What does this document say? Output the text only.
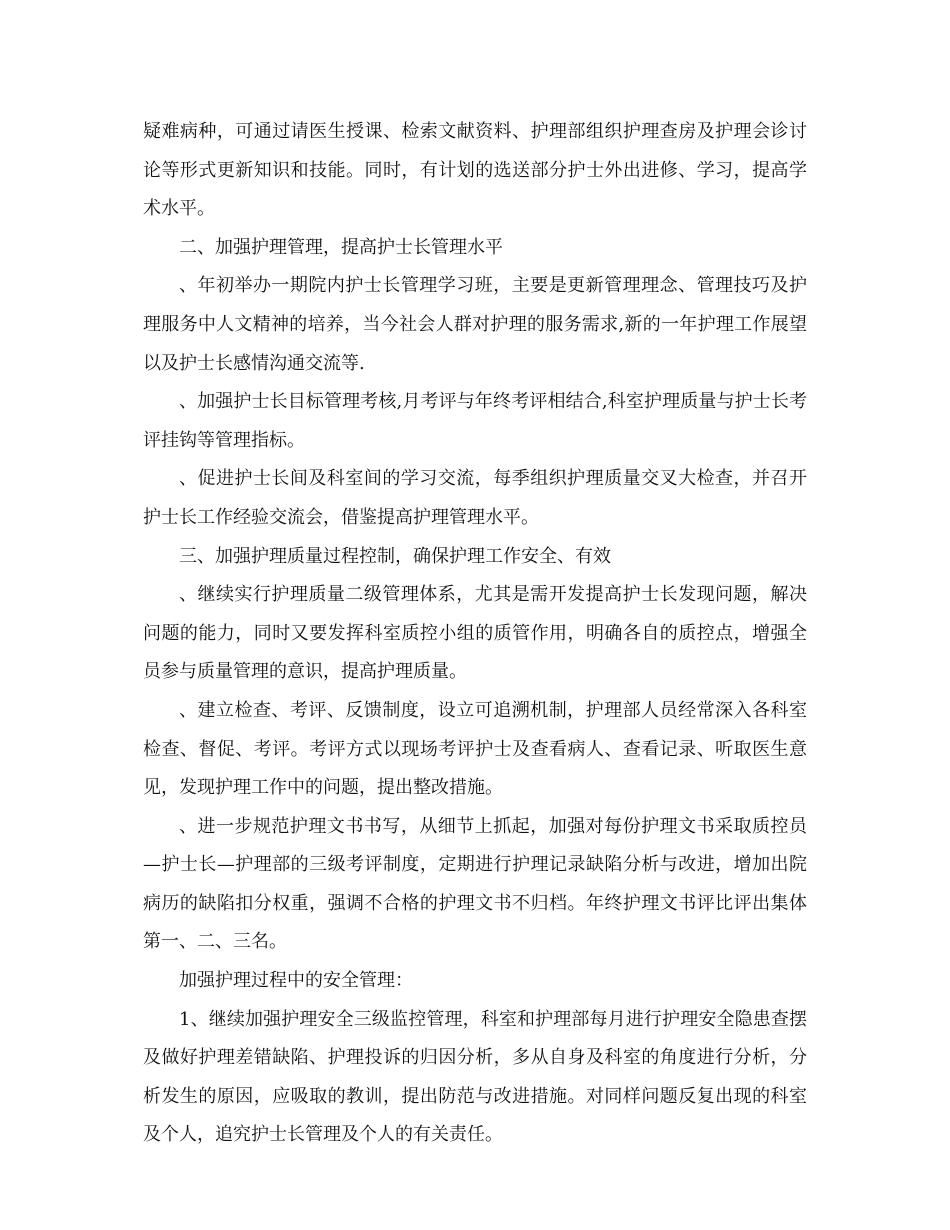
疑难病种，可通过请医生授课、检索文献资料、护理部组织护理查房及护理会诊讨论等形式更新知识和技能。同时，有计划的选送部分护士外出进修、学习，提高学术水平。

二、加强护理管理，提高护士长管理水平

、年初举办一期院内护士长管理学习班，主要是更新管理理念、管理技巧及护理服务中人文精神的培养，当今社会人群对护理的服务需求,新的一年护理工作展望以及护士长感情沟通交流等.

、加强护士长目标管理考核,月考评与年终考评相结合,科室护理质量与护士长考评挂钩等管理指标。

、促进护士长间及科室间的学习交流，每季组织护理质量交叉大检查，并召开护士长工作经验交流会，借鉴提高护理管理水平。

三、加强护理质量过程控制，确保护理工作安全、有效

、继续实行护理质量二级管理体系，尤其是需开发提高护士长发现问题，解决问题的能力，同时又要发挥科室质控小组的质管作用，明确各自的质控点，增强全员参与质量管理的意识，提高护理质量。

、建立检查、考评、反馈制度，设立可追溯机制，护理部人员经常深入各科室检查、督促、考评。考评方式以现场考评护士及查看病人、查看记录、听取医生意见，发现护理工作中的问题，提出整改措施。

、进一步规范护理文书书写，从细节上抓起，加强对每份护理文书采取质控员—护士长—护理部的三级考评制度，定期进行护理记录缺陷分析与改进，增加出院病历的缺陷扣分权重，强调不合格的护理文书不归档。年终护理文书评比评出集体第一、二、三名。

加强护理过程中的安全管理：

1、继续加强护理安全三级监控管理，科室和护理部每月进行护理安全隐患查摆及做好护理差错缺陷、护理投诉的归因分析，多从自身及科室的角度进行分析，分析发生的原因，应吸取的教训，提出防范与改进措施。对同样问题反复出现的科室及个人，追究护士长管理及个人的有关责任。
